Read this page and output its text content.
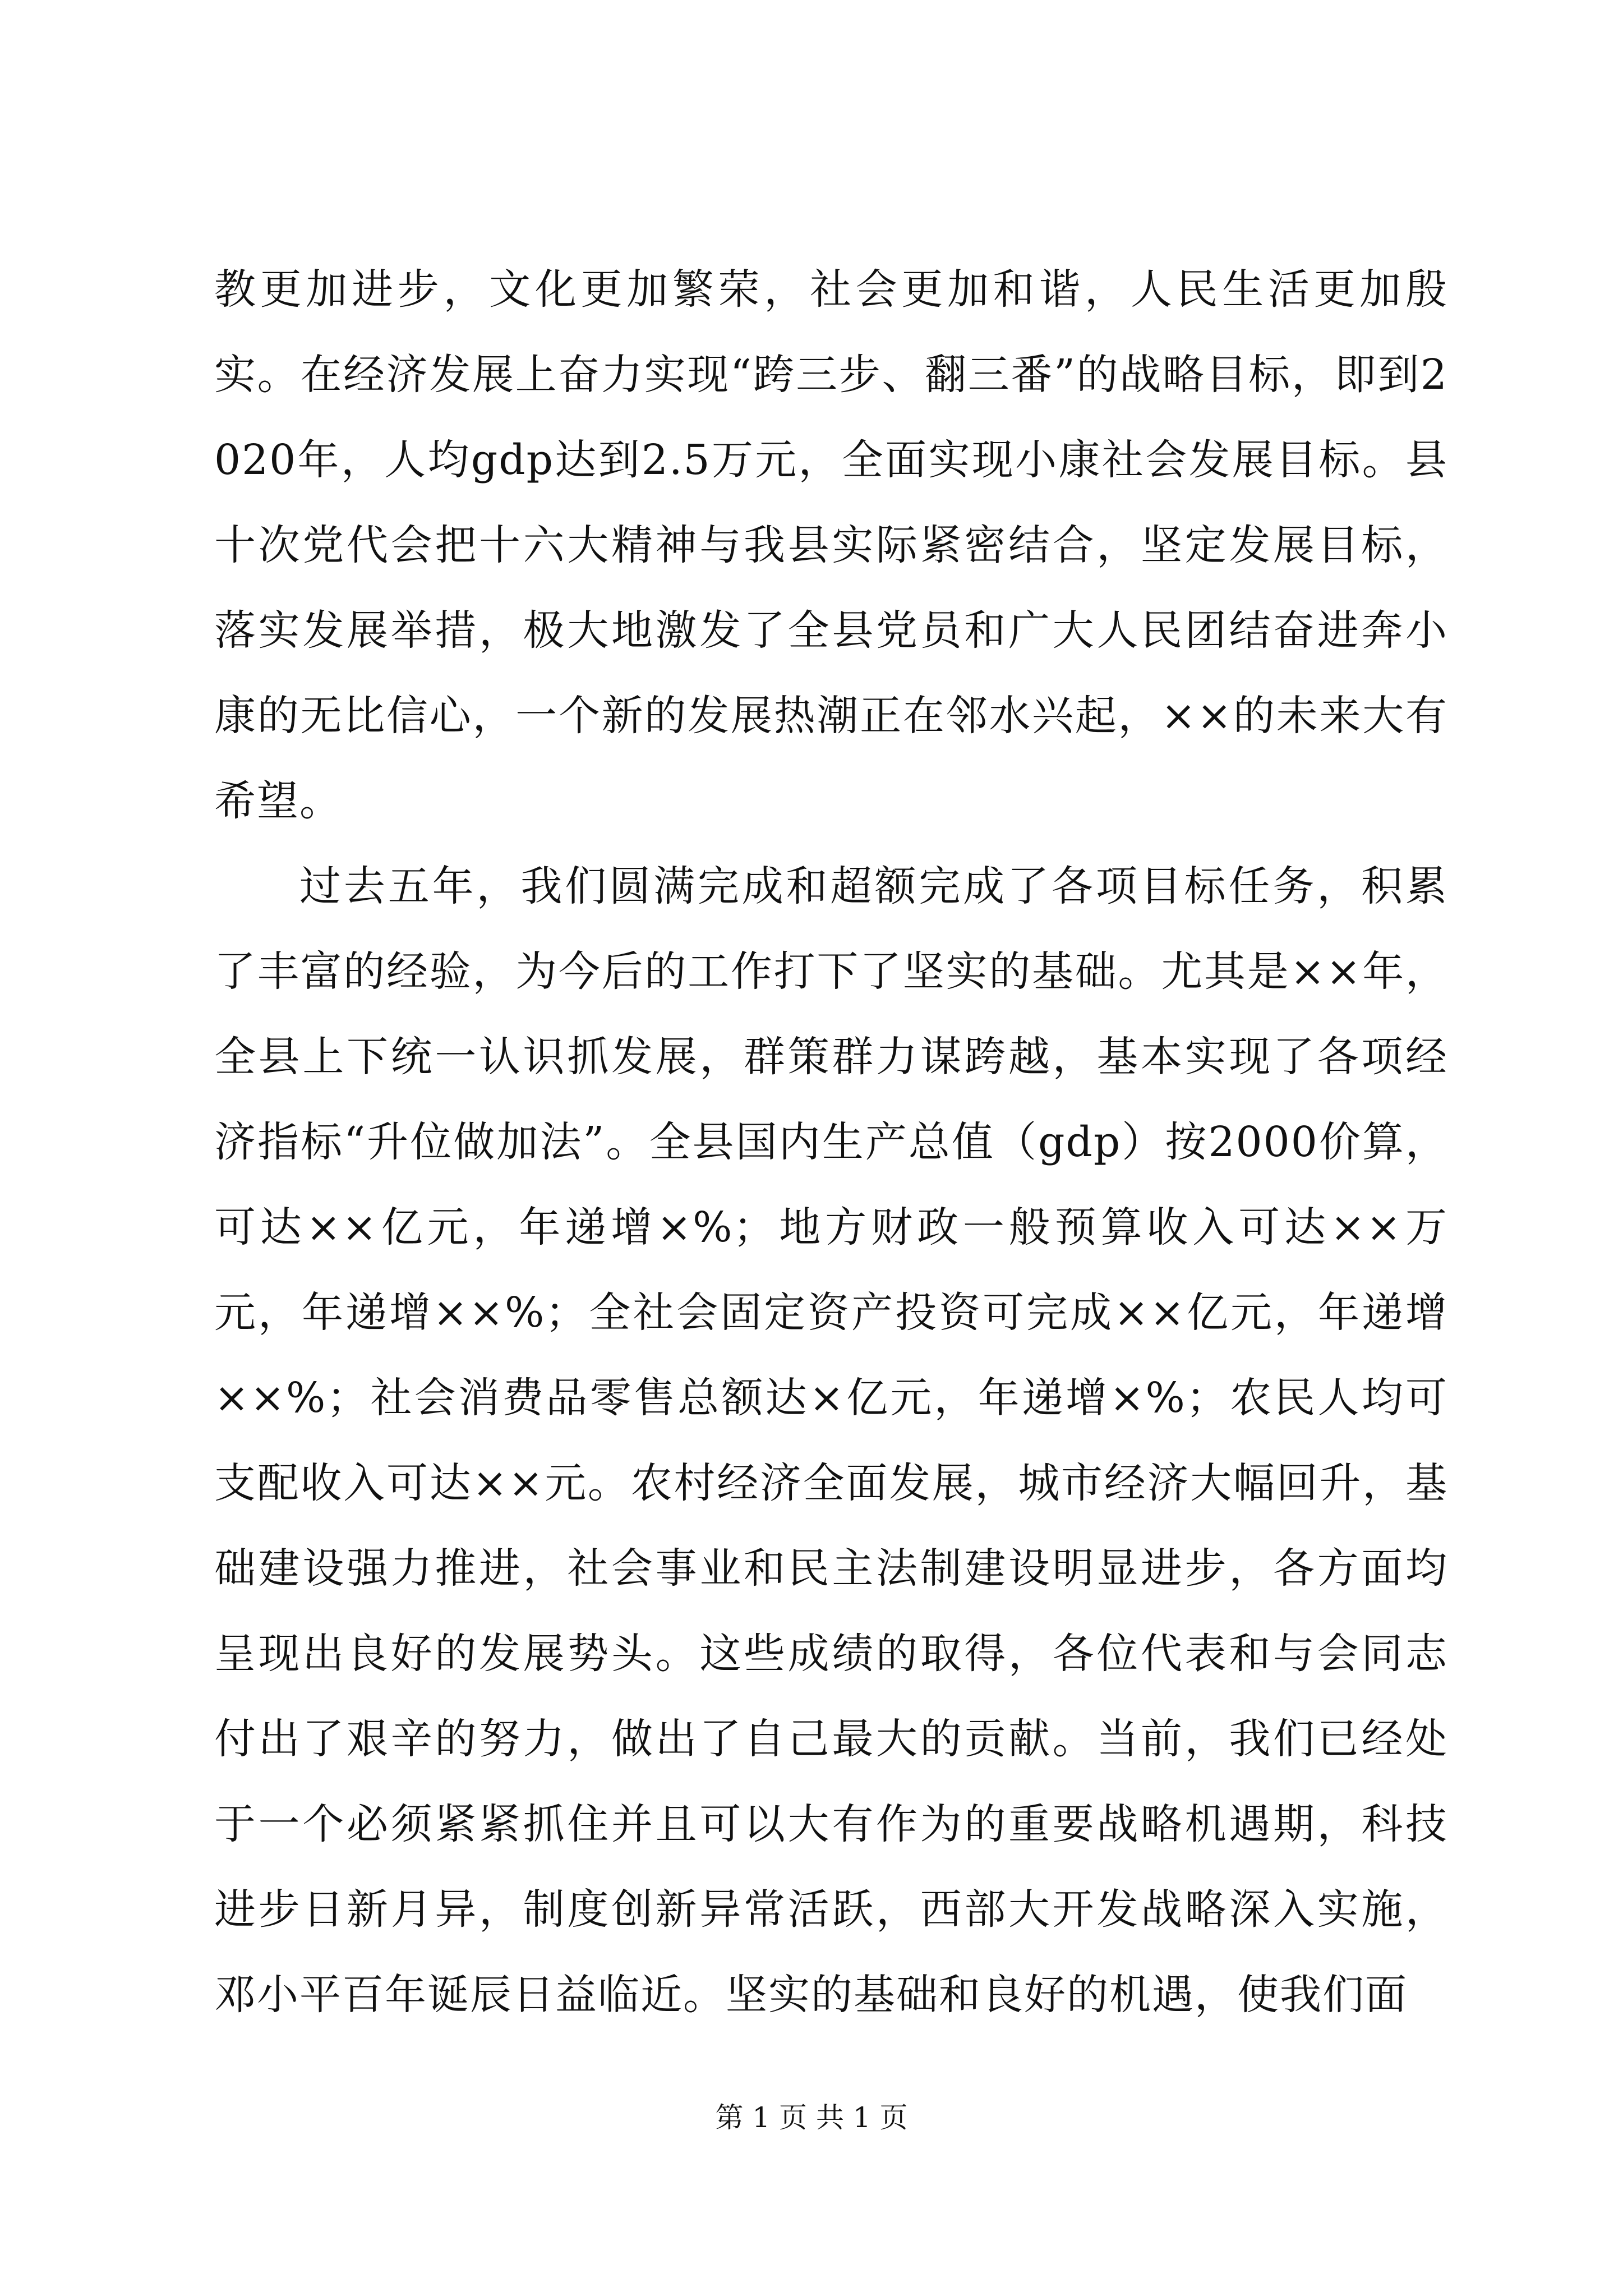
教更加进步，文化更加繁荣，社会更加和谐，人民生活更加殷实。在经济发展上奋力实现“跨三步、翻三番”的战略目标，即到2020年，人均gdp达到2.5万元，全面实现小康社会发展目标。县十次党代会把十六大精神与我县实际紧密结合，坚定发展目标，落实发展举措，极大地激发了全县党员和广大人民团结奋进奔小康的无比信心，一个新的发展热潮正在邻水兴起，××的未来大有希望。

过去五年，我们圆满完成和超额完成了各项目标任务，积累了丰富的经验，为今后的工作打下了坚实的基础。尤其是××年，全县上下统一认识抓发展，群策群力谋跨越，基本实现了各项经济指标“升位做加法”。全县国内生产总值（gdp）按2000价算，可达××亿元，年递增×%；地方财政一般预算收入可达××万元，年递增××%；全社会固定资产投资可完成××亿元，年递增××%；社会消费品零售总额达×亿元，年递增×%；农民人均可支配收入可达××元。农村经济全面发展，城市经济大幅回升，基础建设强力推进，社会事业和民主法制建设明显进步，各方面均呈现出良好的发展势头。这些成绩的取得，各位代表和与会同志付出了艰辛的努力，做出了自己最大的贡献。当前，我们已经处于一个必须紧紧抓住并且可以大有作为的重要战略机遇期，科技进步日新月异，制度创新异常活跃，西部大开发战略深入实施，邓小平百年诞辰日益临近。坚实的基础和良好的机遇，使我们面

第 1 页 共 1 页
